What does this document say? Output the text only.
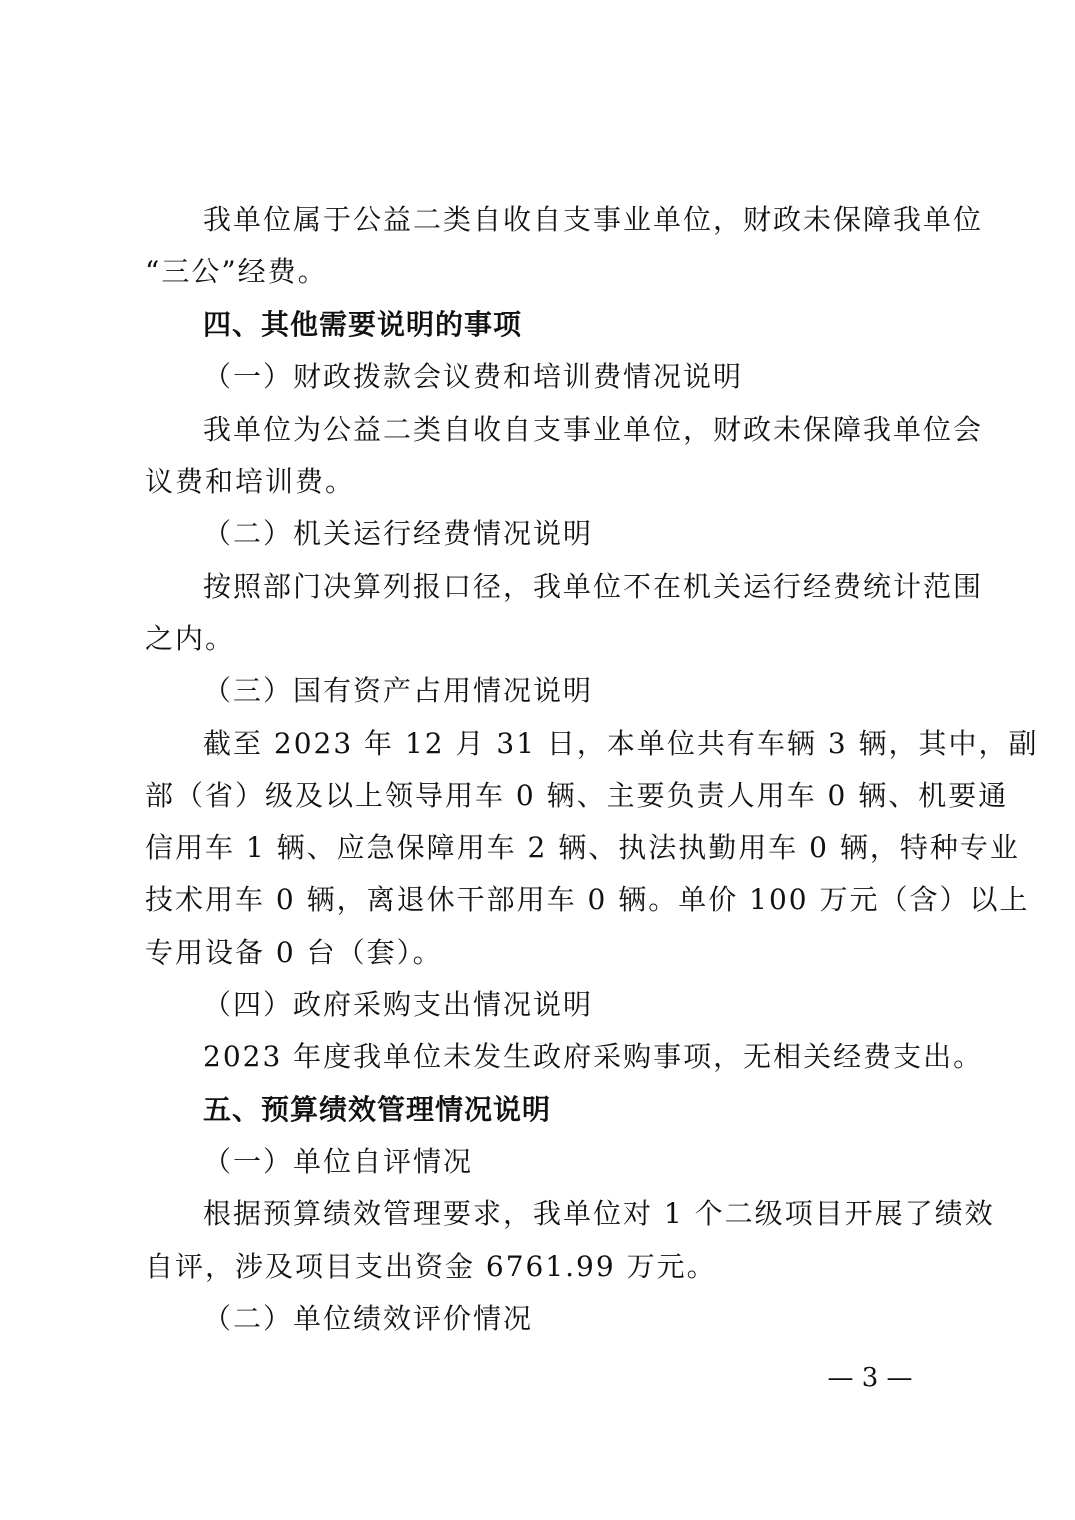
我单位属于公益二类自收自支事业单位，财政未保障我单位
“三公”经费。
四、其他需要说明的事项
（一）财政拨款会议费和培训费情况说明
我单位为公益二类自收自支事业单位，财政未保障我单位会
议费和培训费。
（二）机关运行经费情况说明
按照部门决算列报口径，我单位不在机关运行经费统计范围
之内。
（三）国有资产占用情况说明
截至 2023 年 12 月 31 日，本单位共有车辆 3 辆，其中，副
部（省）级及以上领导用车 0 辆、主要负责人用车 0 辆、机要通
信用车 1 辆、应急保障用车 2 辆、执法执勤用车 0 辆，特种专业
技术用车 0 辆，离退休干部用车 0 辆。单价 100 万元（含）以上
专用设备 0 台（套）。
（四）政府采购支出情况说明
2023 年度我单位未发生政府采购事项，无相关经费支出。
五、预算绩效管理情况说明
（一）单位自评情况
根据预算绩效管理要求，我单位对 1 个二级项目开展了绩效
自评，涉及项目支出资金 6761.99 万元。
（二）单位绩效评价情况
— 3 —
